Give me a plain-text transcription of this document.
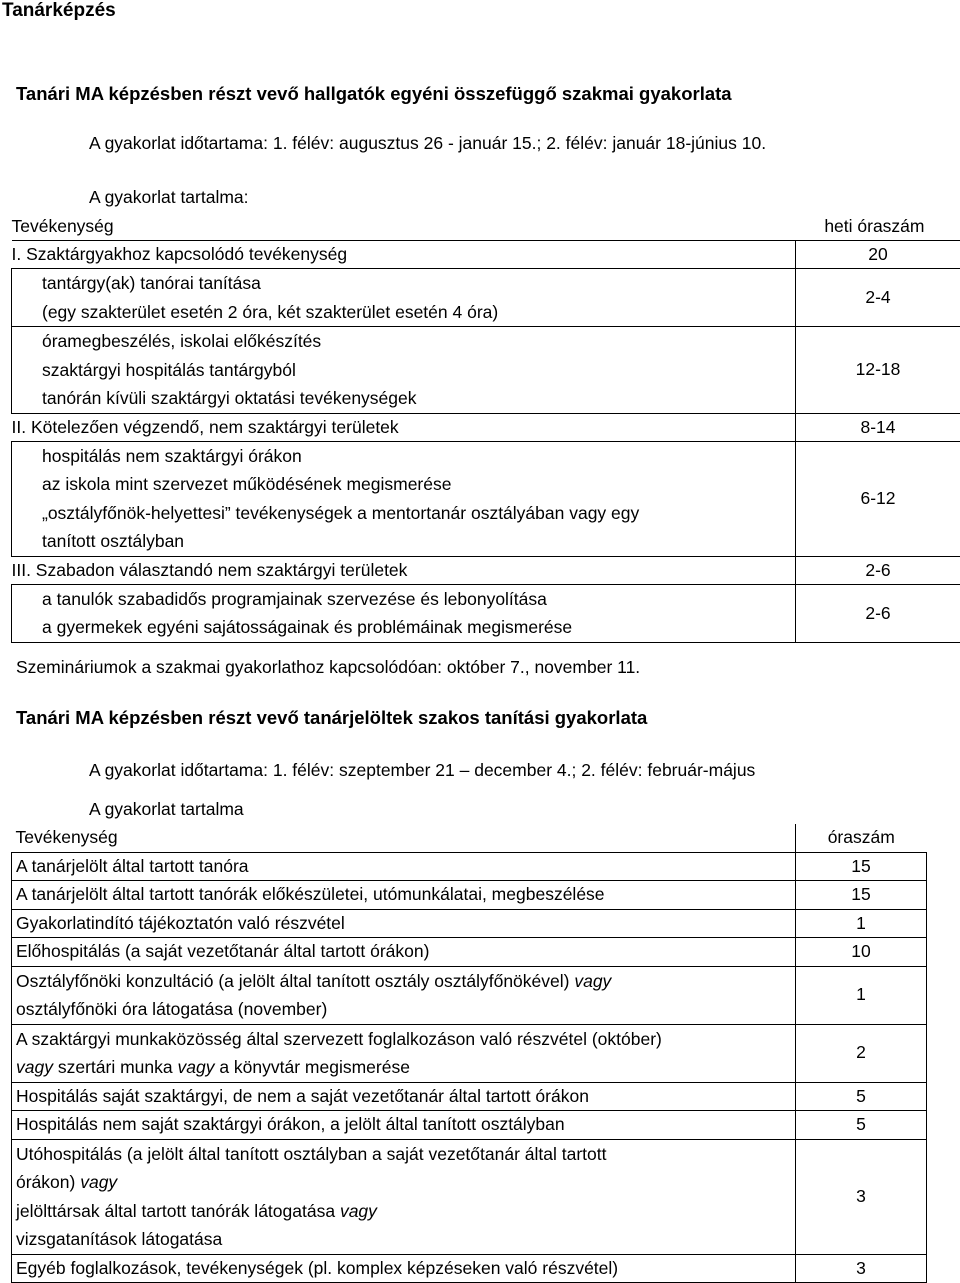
Tanárképzés
Tanári MA képzésben részt vevő hallgatók egyéni összefüggő szakmai gyakorlata
A gyakorlat időtartama: 1. félév: augusztus 26 - január 15.; 2. félév: január 18-június 10.
A gyakorlat tartalma:
Tevékenység	heti óraszám
I. Szaktárgyakhoz kapcsolódó tevékenység	20

tantárgy(ak) tanórai tanítása
(egy szakterület esetén 2 óra, két szakterület esetén 4 óra)	2-4

óramegbeszélés, iskolai előkészítés
szaktárgyi hospitálás tantárgyból
tanórán kívüli szaktárgyi oktatási tevékenységek	12-18
II. Kötelezően végzendő, nem szaktárgyi területek	8-14

hospitálás nem szaktárgyi órákon
az iskola mint szervezet működésének megismerése
„osztályfőnök-helyettesi” tevékenységek a mentortanár osztályában vagy egy
tanított osztályban	6-12
III. Szabadon választandó nem szaktárgyi területek	2-6

a tanulók szabadidős programjainak szervezése és lebonyolítása
a gyermekek egyéni sajátosságainak és problémáinak megismerése	2-6
Szemináriumok a szakmai gyakorlathoz kapcsolódóan: október 7., november 11.
Tanári MA képzésben részt vevő tanárjelöltek szakos tanítási gyakorlata
A gyakorlat időtartama: 1. félév: szeptember 21 – december 4.; 2. félév: február-május
A gyakorlat tartalma
Tevékenység	óraszám
A tanárjelölt által tartott tanóra	15
A tanárjelölt által tartott tanórák előkészületei, utómunkálatai, megbeszélése	15
Gyakorlatindító tájékoztatón való részvétel	1
Előhospitálás (a saját vezetőtanár által tartott órákon)	10

Osztályfőnöki konzultáció (a jelölt által tanított osztály osztályfőnökével) vagy
osztályfőnöki óra látogatása (november)	1

A szaktárgyi munkaközösség által szervezett foglalkozáson való részvétel (október)
vagy szertári munka vagy a könyvtár megismerése	2
Hospitálás saját szaktárgyi, de nem a saját vezetőtanár által tartott órákon	5
Hospitálás nem saját szaktárgyi órákon, a jelölt által tanított osztályban	5

Utóhospitálás (a jelölt által tanított osztályban a saját vezetőtanár által tartott
órákon) vagy
jelölttársak által tartott tanórák látogatása vagy
vizsgatanítások látogatása	3
Egyéb foglalkozások, tevékenységek (pl. komplex képzéseken való részvétel)	3
